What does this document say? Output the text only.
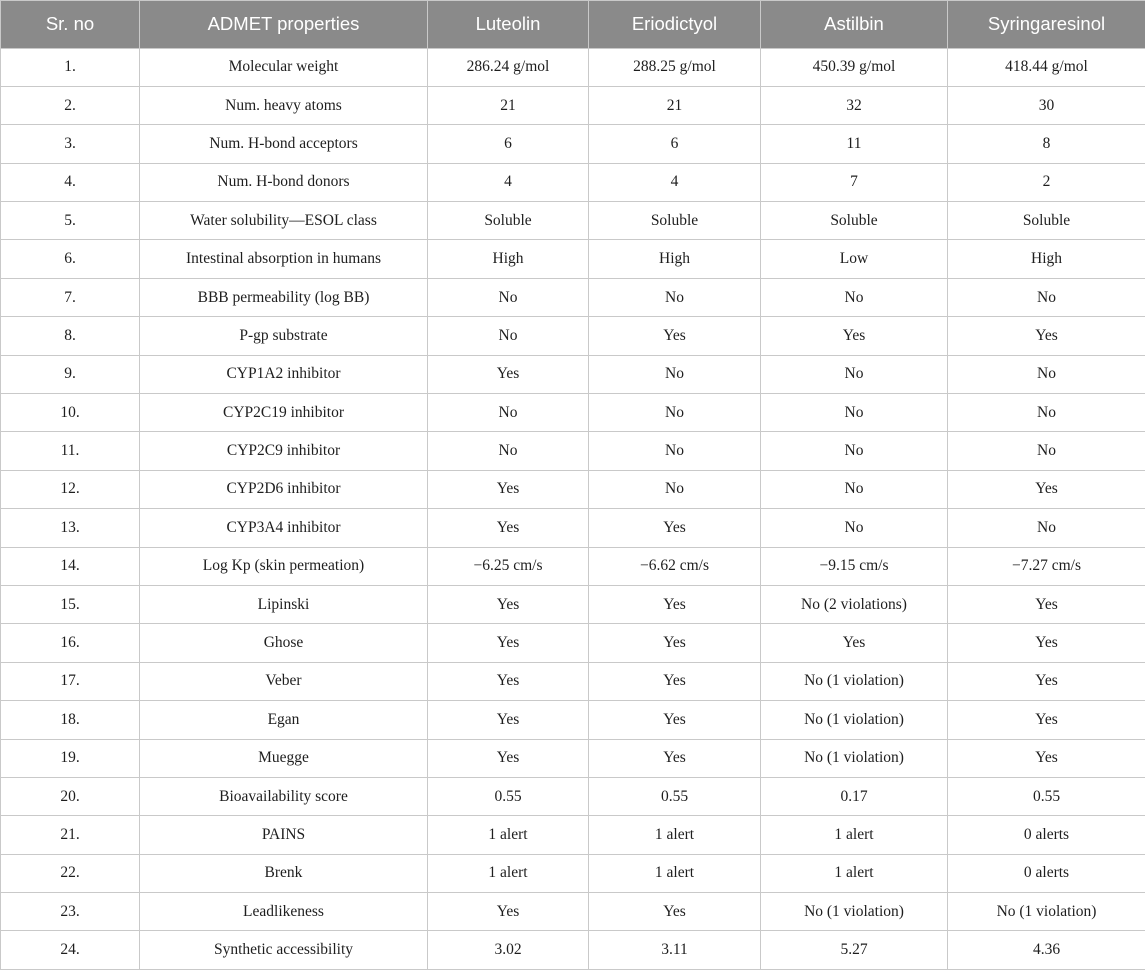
Sr. no	ADMET properties	Luteolin	Eriodictyol	Astilbin	Syringaresinol
1.	Molecular weight	286.24 g/mol	288.25 g/mol	450.39 g/mol	418.44 g/mol
2.	Num. heavy atoms	21	21	32	30
3.	Num. H-bond acceptors	6	6	11	8
4.	Num. H-bond donors	4	4	7	2
5.	Water solubility—ESOL class	Soluble	Soluble	Soluble	Soluble
6.	Intestinal absorption in humans	High	High	Low	High
7.	BBB permeability (log BB)	No	No	No	No
8.	P-gp substrate	No	Yes	Yes	Yes
9.	CYP1A2 inhibitor	Yes	No	No	No
10.	CYP2C19 inhibitor	No	No	No	No
11.	CYP2C9 inhibitor	No	No	No	No
12.	CYP2D6 inhibitor	Yes	No	No	Yes
13.	CYP3A4 inhibitor	Yes	Yes	No	No
14.	Log Kp (skin permeation)	−6.25 cm/s	−6.62 cm/s	−9.15 cm/s	−7.27 cm/s
15.	Lipinski	Yes	Yes	No (2 violations)	Yes
16.	Ghose	Yes	Yes	Yes	Yes
17.	Veber	Yes	Yes	No (1 violation)	Yes
18.	Egan	Yes	Yes	No (1 violation)	Yes
19.	Muegge	Yes	Yes	No (1 violation)	Yes
20.	Bioavailability score	0.55	0.55	0.17	0.55
21.	PAINS	1 alert	1 alert	1 alert	0 alerts
22.	Brenk	1 alert	1 alert	1 alert	0 alerts
23.	Leadlikeness	Yes	Yes	No (1 violation)	No (1 violation)
24.	Synthetic accessibility	3.02	3.11	5.27	4.36
